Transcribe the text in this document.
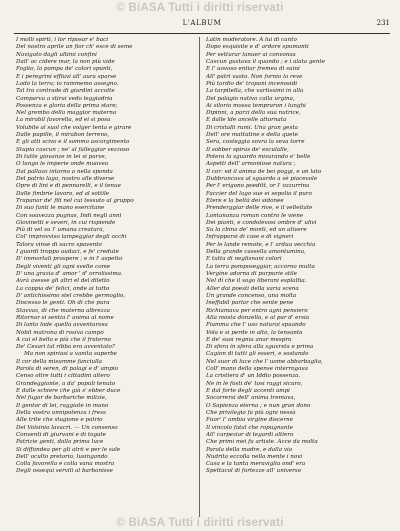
© BiASA Tutti i diritti riservati
L'ALBUM	231
I molli spirti, i lor riposar e' baci
Del nostro aprile un fior ch' esce di seme
Navigato dagli ultimi confini
Dall' ac cidere mar, la non più vide
Foglio, la pompa de' colori spunti,
E i peregrini effluvi all' aura sparse
Lodo la terra; io rammemo assegno.
Tal tra contrade di giardini accolte
Comparva a stirai vedo leggiadria
Possenza e gloria della prima stare;
Nel grembo della maggior materna
La mirabil favorella, ed ei si posa
Volubile al suol che volger tenta e girare
Dalle pupille, il mirabon terreno,
E gli atti scivo e il sommo ascorgimento
Stupia cascun ; ne' al falleggiar vezzoso
Di tutte giovanze in lei si parve,
O lungo le imperie onde muovea
Dal pallazo intorno a nella sponda
Del patrio lago, nostro alle diverse
Opre di lini e di pennarelli, e il tenue
Dalle fimbrie lavoro, ed al sottile
Trapanar de' fili nel cui tessuto al gruppo
Di suo fanti le mano esercitane
Con soavezza pugnas, Indi negli anni
Giovinetti e severi, in cui rispiende
Più di vel su l' umana creatura,
Col' improvviso lampeggiar degli occhi
Talora vinse di sacro spavento
I guardi troppo audaci, e fe' credute
D' immortali prospere ; e in l' aspetto
Degli viventi gli ogni svelte come
D' una grazia d' amor ' d' orrolissima.
Avrà avesse gli altri el del diletto
La coppia de' felici, onde ai tutto
D' antichissimo stel crebbe germoglio,
Discesso le genti. Oh di che pura
Stavvas, di che materna albrezza
Ritornar si sentia l' anima al nome
Di lanto lode quella avventurosa
Nobil matrona di rosiva campo
A cui el bello e più che il fraterno
De' Cesari tal ribba era avventato?
Ma non spiriasi a vanita superbe
Il cor della misumme fanciulla
Parola di seren, di palagi e d' ampio
Censo oltre tutti i cittadini altero
Grandeggiante, a da' populi tenuto
E dalle schiere che già s' ebber duce
Nel fugar de barbariche milizie,
Il gentor di lei, raggiate in mano
Della vostra onnipotenza i fress
Alle trite che stagione e patrio
Del Volsinio lavacri. — Un consenso
Conventi di giurvani e di togate
Patrizie genti, dalla prima luce
Si diffondea per gli atrii e per le sale
Dell' oculto pretorio, lusingando
Colla favorella e colla vana mostra
Degli ossequi servili al barbanisse
Latin moderatore. A lui di canto
Dopo esquisite e d' ardore spumanti
Per vetturar lanuer ai convonsa
Cascun gustava il quando ; e i alata gente
E l' uovoso entiar fremea di suini
All' patri vasto. Non fornio la reve
Più tardio de' trapani incenosidi
La tarpitella, che vartissimi in alla
Del palagio nativo calla urgina,
Ai silorio mossa tempraron i lunghi
Dipinni, a parzi della sua nutrice,
E dalle lde ancelle attornata
Di cristalli rumi. Una gran gesta
Dell' ore mattutine e della quete
Sera, costeggia sovra la seva torre
Il sobber spiras de' esculalle,
Potera lo sguardo misurando e' belle
Aspetti dell' armoniose natura ;
Il cor: ed il anima de bei poggi, e un lato
Dubbrancava al sguardo a sè piacevole
Per l' erigono poeditt, or l' ozzurrina
Faccier del lago sue ei sepolio il puro
Etere e la beltà dei sidonee
Prenderggiar delle rive, e il velleitate
Lontananza roman contro le viene
Dei pianti, e condolevosi ombre d' ulivi
Su la cbina de' monti, ed un ulivere
Infrapporsi di case e di vigneri
Per le lande remote, e l' ardua vecchia
Della grande cassella amontumina,
E tutta di neglisnani colori
La terra pomposeggiar, accorno multa
Vergine adorna di purpurie stile
Nel dì che il sogo liberani esplaltia.
Aller dai poesti della varia scena
Un grande concenso, una molta
Ineffabil parlar che sente pene
Richiamava per entro agni pensiero
Alla mosta donzella, e al par d' ersia
Fiamma che l' uso naturai spuando
Vola e si perde in alto, la tensanta
E de' suoi regnia anar mespro
Di sfera in sfera alla sguvrsta e prima
Cagion di tutti gli esseri, e sostando
Nel suor di luce che l' uome abbarbaglia,
Coll' mano della spense interrogava
La cristiera d' un Iddio possenza.
Ne in le fosti de' tosi raggi sicuro,
E dal forte degli accenti ampi
Socorrersi dell' anima tremava,
O Sapienza eterna ; e nun gran dono
Che privilegio fa più ogni nessà
Fuor' l' ombia virgine discerne
Il vincolo fatal che ropugnante
All' carpeziar di tegardi altiero
Che primi mei fu artiste. Acce da molta
Parola della madre, e dalla via
Nudrita eccolla nella mente i novi
Casa e la tanta meraviglia ond' era
Spettacol di fortezze all' universo
© BiASA Tutti i diritti riservati
